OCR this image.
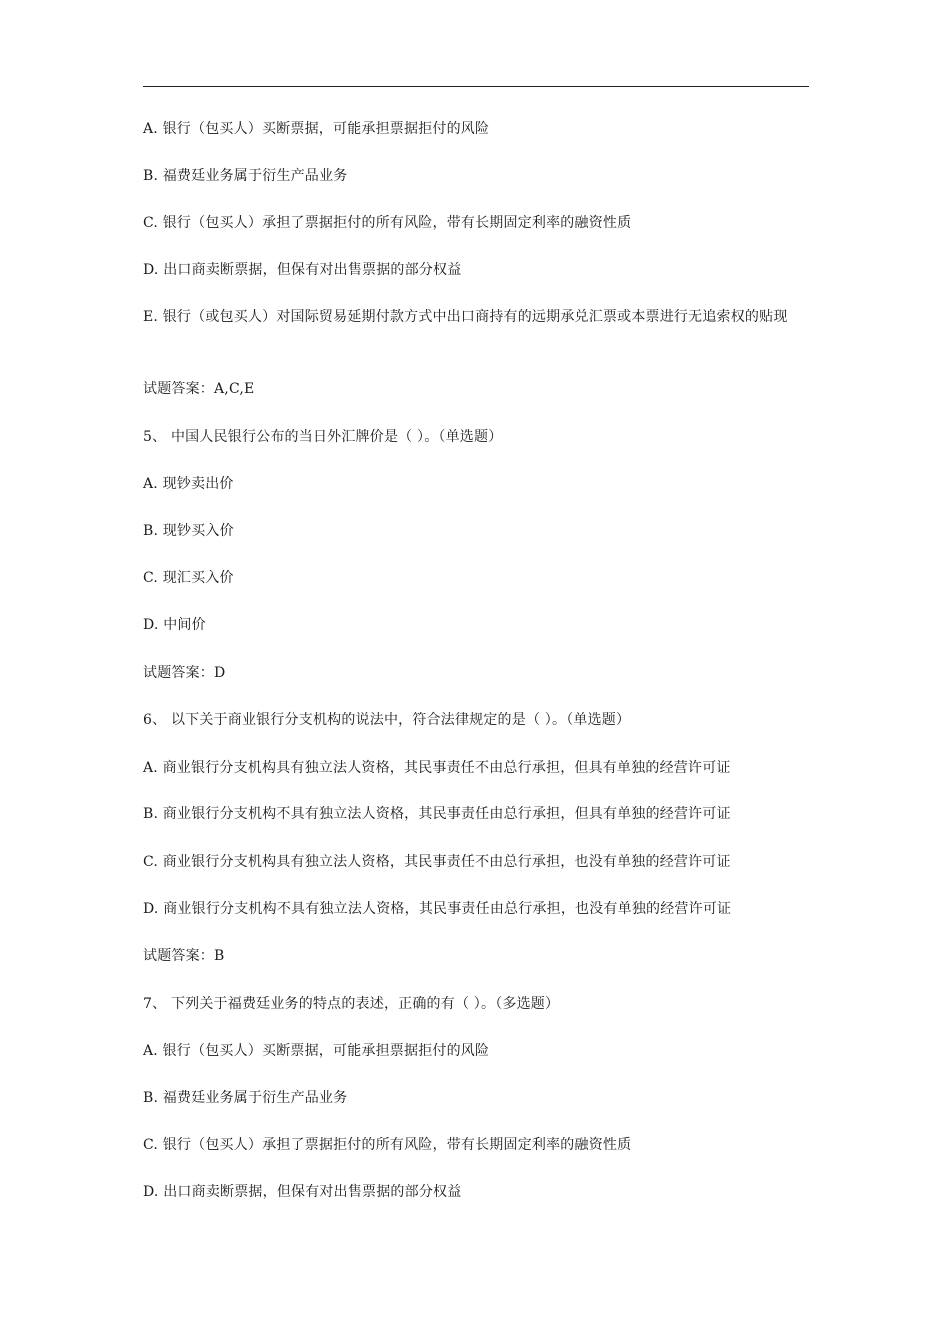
A. 银行（包买人）买断票据，可能承担票据拒付的风险
B. 福费廷业务属于衍生产品业务
C. 银行（包买人）承担了票据拒付的所有风险，带有长期固定利率的融资性质
D. 出口商卖断票据，但保有对出售票据的部分权益
E. 银行（或包买人）对国际贸易延期付款方式中出口商持有的远期承兑汇票或本票进行无追索权的贴现
试题答案：A,C,E
5、 中国人民银行公布的当日外汇牌价是（ ）。（单选题）
A. 现钞卖出价
B. 现钞买入价
C. 现汇买入价
D. 中间价
试题答案：D
6、 以下关于商业银行分支机构的说法中，符合法律规定的是（ ）。（单选题）
A. 商业银行分支机构具有独立法人资格，其民事责任不由总行承担，但具有单独的经营许可证
B. 商业银行分支机构不具有独立法人资格，其民事责任由总行承担，但具有单独的经营许可证
C. 商业银行分支机构具有独立法人资格，其民事责任不由总行承担，也没有单独的经营许可证
D. 商业银行分支机构不具有独立法人资格，其民事责任由总行承担，也没有单独的经营许可证
试题答案：B
7、 下列关于福费廷业务的特点的表述，正确的有（ ）。（多选题）
A. 银行（包买人）买断票据，可能承担票据拒付的风险
B. 福费廷业务属于衍生产品业务
C. 银行（包买人）承担了票据拒付的所有风险，带有长期固定利率的融资性质
D. 出口商卖断票据，但保有对出售票据的部分权益
